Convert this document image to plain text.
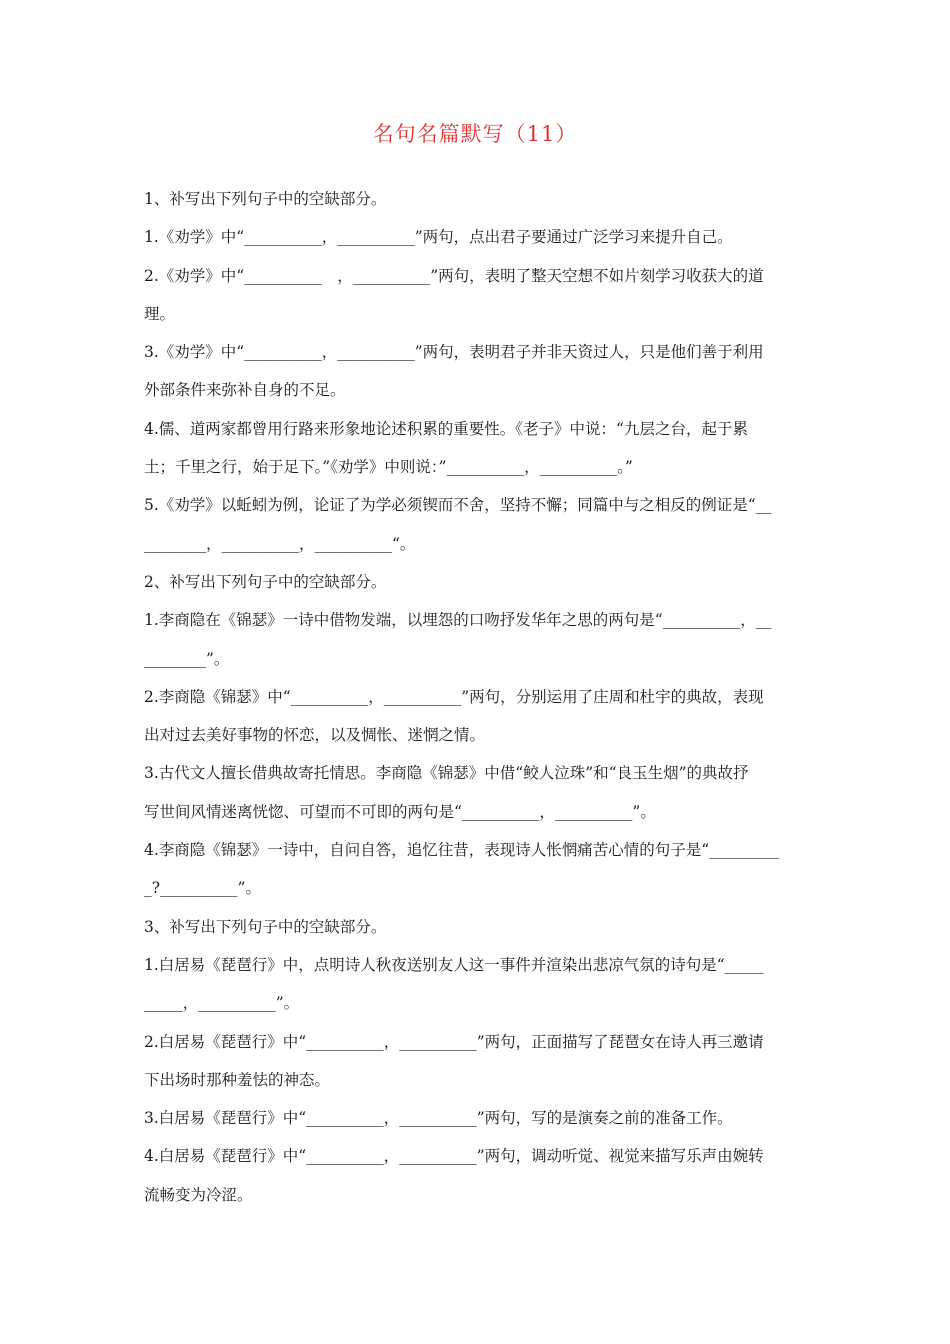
名句名篇默写（11）
1、补写出下列句子中的空缺部分。
1.《劝学》中“__________，__________”两句，点出君子要通过广泛学习来提升自己。
2.《劝学》中“__________　，__________”两句，表明了整天空想不如片刻学习收获大的道
理。
3.《劝学》中“__________，__________”两句，表明君子并非天资过人，只是他们善于利用
外部条件来弥补自身的不足。
4.儒、道两家都曾用行路来形象地论述积累的重要性。《老子》中说：“九层之台，起于累
土；千里之行，始于足下。”《劝学》中则说：”__________，__________。”
5.《劝学》以蚯蚓为例，论证了为学必须锲而不舍，坚持不懈；同篇中与之相反的例证是“__
________，__________，__________“。
2、补写出下列句子中的空缺部分。
1.李商隐在《锦瑟》一诗中借物发端，以埋怨的口吻抒发华年之思的两句是“__________，__
________”。
2.李商隐《锦瑟》中“__________，__________”两句，分别运用了庄周和杜宇的典故，表现
出对过去美好事物的怀恋，以及惆怅、迷惘之情。
3.古代文人擅长借典故寄托情思。李商隐《锦瑟》中借“鲛人泣珠”和“良玉生烟”的典故抒
写世间风情迷离恍惚、可望而不可即的两句是“__________，__________”。
4.李商隐《锦瑟》一诗中，自问自答，追忆往昔，表现诗人怅惘痛苦心情的句子是“_________
_?__________”。
3、补写出下列句子中的空缺部分。
1.白居易《琵琶行》中，点明诗人秋夜送别友人这一事件并渲染出悲凉气氛的诗句是“_____
_____，__________”。
2.白居易《琵琶行》中“__________，__________”两句，正面描写了琵琶女在诗人再三邀请
下出场时那种羞怯的神态。
3.白居易《琵琶行》中“__________，__________”两句，写的是演奏之前的准备工作。
4.白居易《琵琶行》中“__________，__________”两句，调动听觉、视觉来描写乐声由婉转
流畅变为冷涩。
